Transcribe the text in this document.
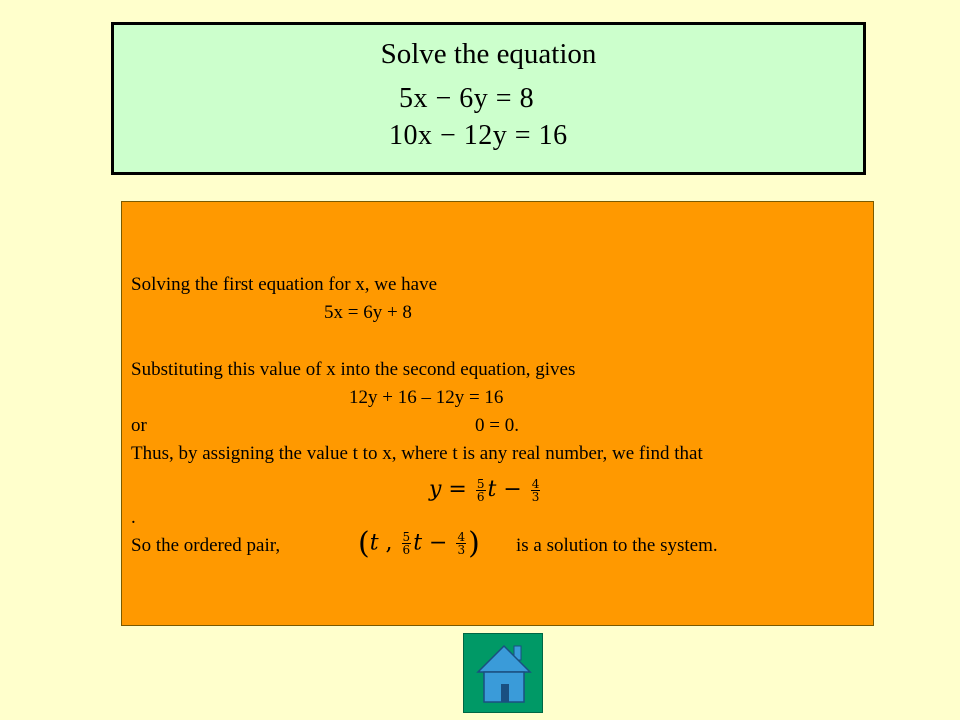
Solve the equation
5x − 6y = 8
10x − 12y = 16
Solving the first equation for x, we have
5x = 6y + 8
Substituting this value of x into the second equation, gives
12y + 16 – 12y = 16
or	0 = 0.
Thus, by assigning the value t to x, where t is any real number, we find that
$y = \frac{5}{6}$ $t - \frac{4}{3}$
.
So the ordered pair,	(t , $\frac{5}{6}$ $t - \frac{4}{3}$ ) is a solution to the system.
